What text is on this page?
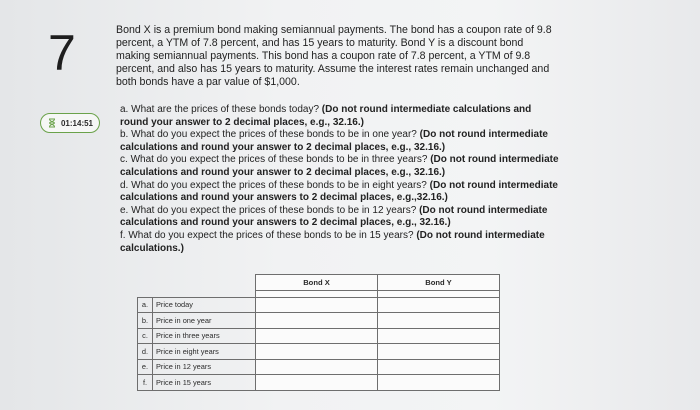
7
01:14:51
Bond X is a premium bond making semiannual payments. The bond has a coupon rate of 9.8 percent, a YTM of 7.8 percent, and has 15 years to maturity. Bond Y is a discount bond making semiannual payments. This bond has a coupon rate of 7.8 percent, a YTM of 9.8 percent, and also has 15 years to maturity. Assume the interest rates remain unchanged and both bonds have a par value of $1,000.
a. What are the prices of these bonds today? (Do not round intermediate calculations and round your answer to 2 decimal places, e.g., 32.16.)
b. What do you expect the prices of these bonds to be in one year? (Do not round intermediate calculations and round your answer to 2 decimal places, e.g., 32.16.)
c. What do you expect the prices of these bonds to be in three years? (Do not round intermediate calculations and round your answer to 2 decimal places, e.g., 32.16.)
d. What do you expect the prices of these bonds to be in eight years? (Do not round intermediate calculations and round your answers to 2 decimal places, e.g.,32.16.)
e. What do you expect the prices of these bonds to be in 12 years? (Do not round intermediate calculations and round your answers to 2 decimal places, e.g., 32.16.)
f. What do you expect the prices of these bonds to be in 15 years? (Do not round intermediate calculations.)
		Bond X	Bond Y

a.	Price today		
b.	Price in one year		
c.	Price in three years		
d.	Price in eight years		
e.	Price in 12 years		
f.	Price in 15 years		
